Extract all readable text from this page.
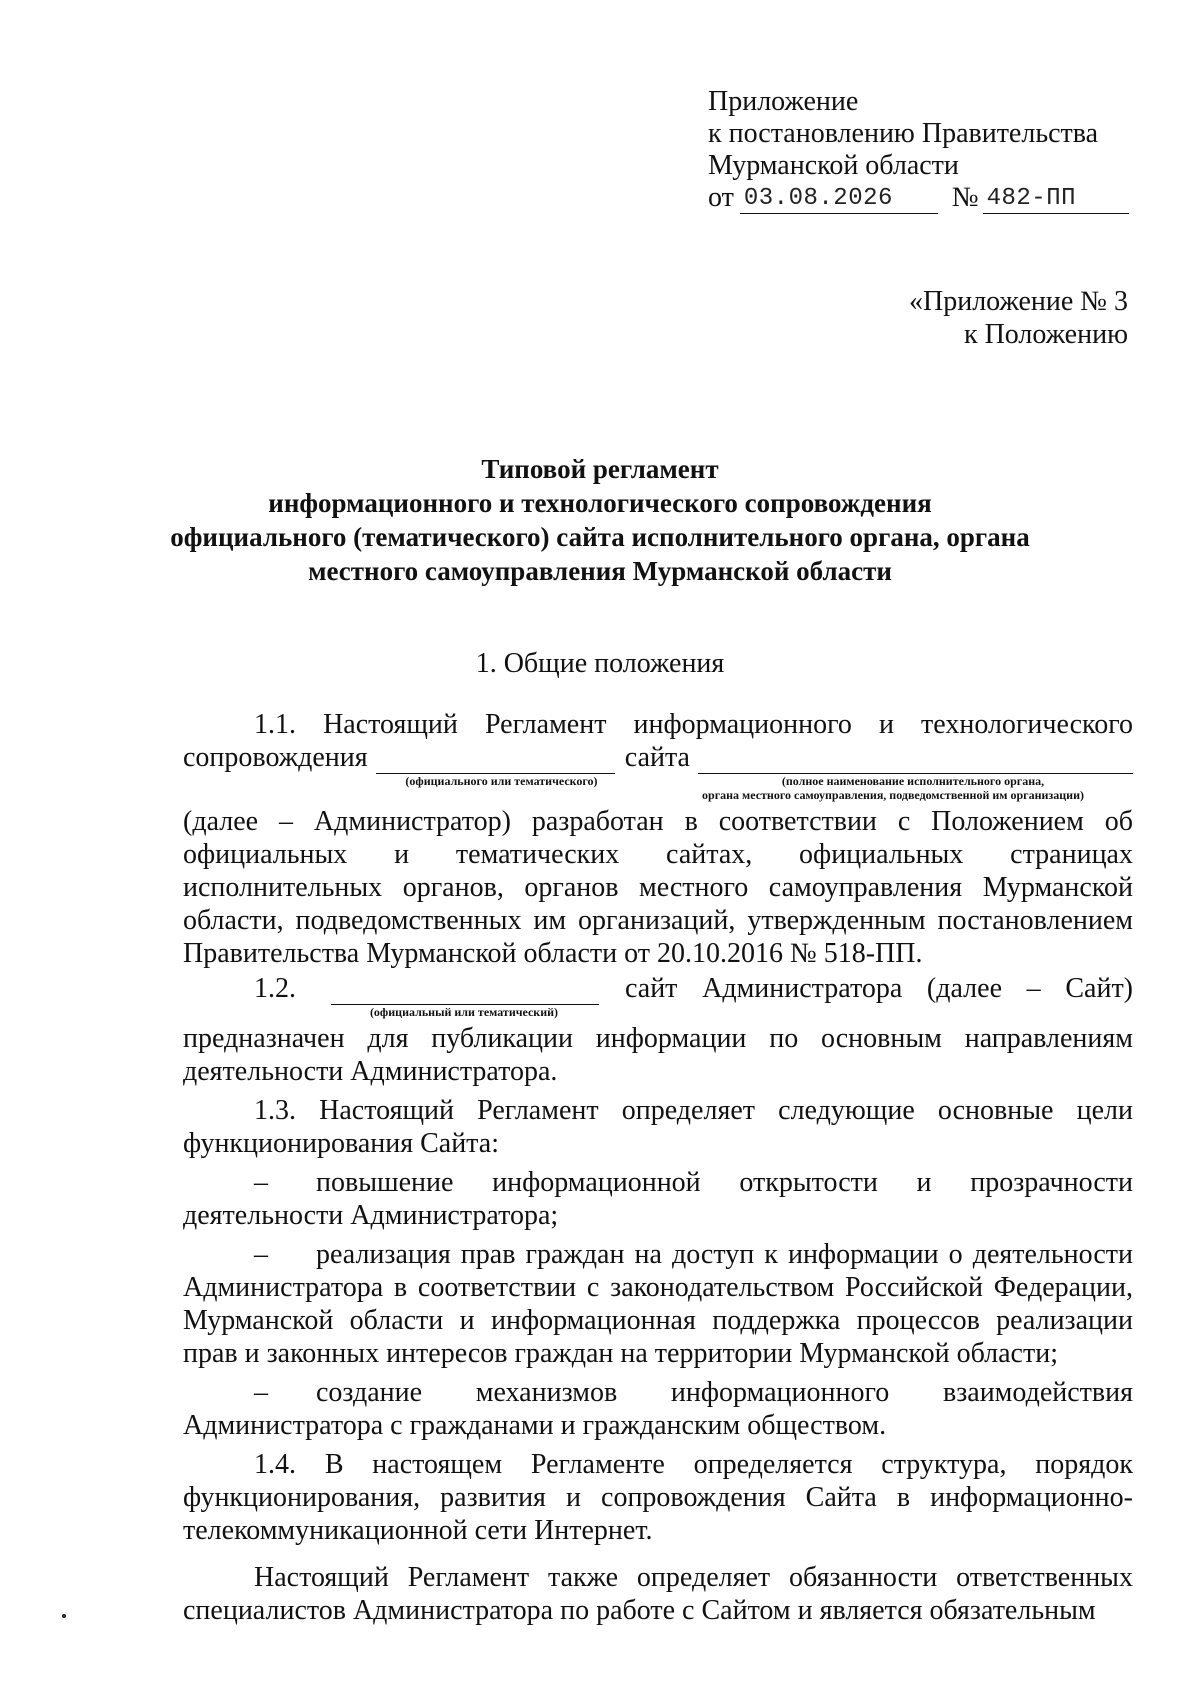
Приложение
к постановлению Правительства
Мурманской области
от 03.08.2026	№ 482-ПП
«Приложение № 3
к Положению
Типовой регламент
информационного и технологического сопровождения
официального (тематического) сайта исполнительного органа, органа
местного самоуправления Мурманской области
1. Общие положения
1.1. Настоящий Регламент информационного и технологического
сопровождения	сайта
(официального или тематического)	(полное наименование исполнительного органа,
органа местного самоуправления, подведомственной им организации)

(далее – Администратор) разработан в соответствии с Положением об официальных и тематических сайтах, официальных страницах исполнительных органов, органов местного самоуправления Мурманской области, подведомственных им организаций, утвержденным постановлением Правительства Мурманской области от 20.10.2016 № 518-ПП.

1.2.	сайт Администратора (далее – Сайт)
(официальный или тематический)

предназначен для публикации информации по основным направлениям деятельности Администратора.

1.3. Настоящий Регламент определяет следующие основные цели функционирования Сайта:

– повышение информационной открытости и прозрачности деятельности Администратора;

– реализация прав граждан на доступ к информации о деятельности Администратора в соответствии с законодательством Российской Федерации, Мурманской области и информационная поддержка процессов реализации прав и законных интересов граждан на территории Мурманской области;

– создание механизмов информационного взаимодействия Администратора с гражданами и гражданским обществом.

1.4. В настоящем Регламенте определяется структура, порядок функционирования, развития и сопровождения Сайта в информационно-телекоммуникационной сети Интернет.

Настоящий Регламент также определяет обязанности ответственных специалистов Администратора по работе с Сайтом и является обязательным
